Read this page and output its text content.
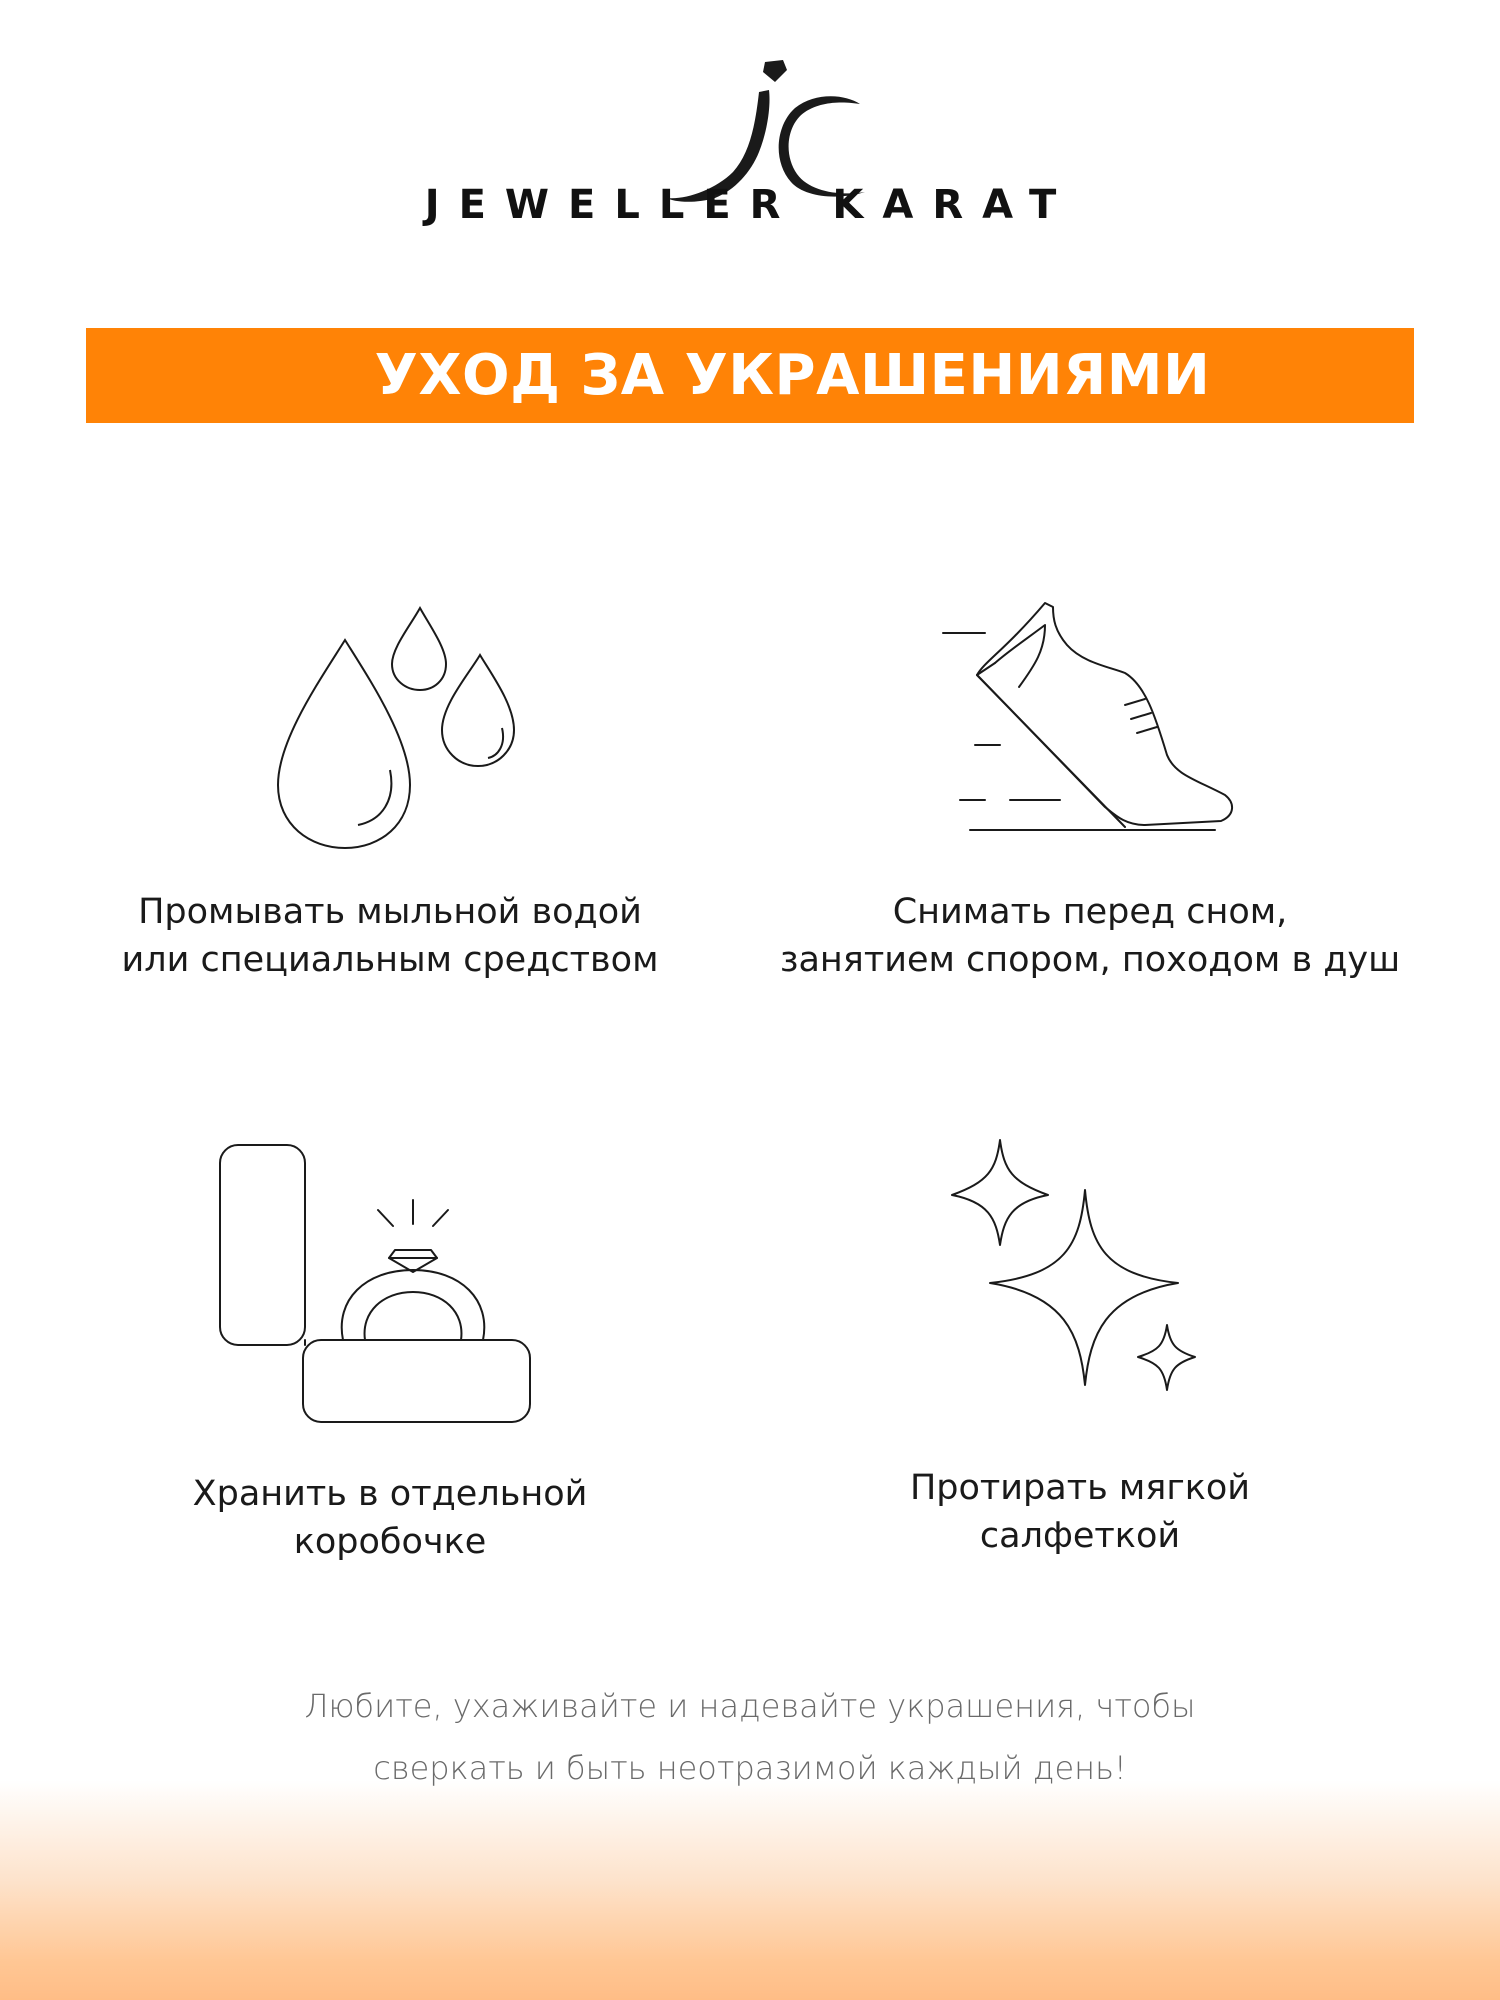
JEWELLER KARAT
УХОД ЗА УКРАШЕНИЯМИ
Промывать мыльной водой
или специальным средством
Снимать перед сном,
занятием спором, походом в душ
Хранить в отдельной
коробочке
Протирать мягкой
салфеткой
Любите, ухаживайте и надевайте украшения, чтобы
сверкать и быть неотразимой каждый день!
